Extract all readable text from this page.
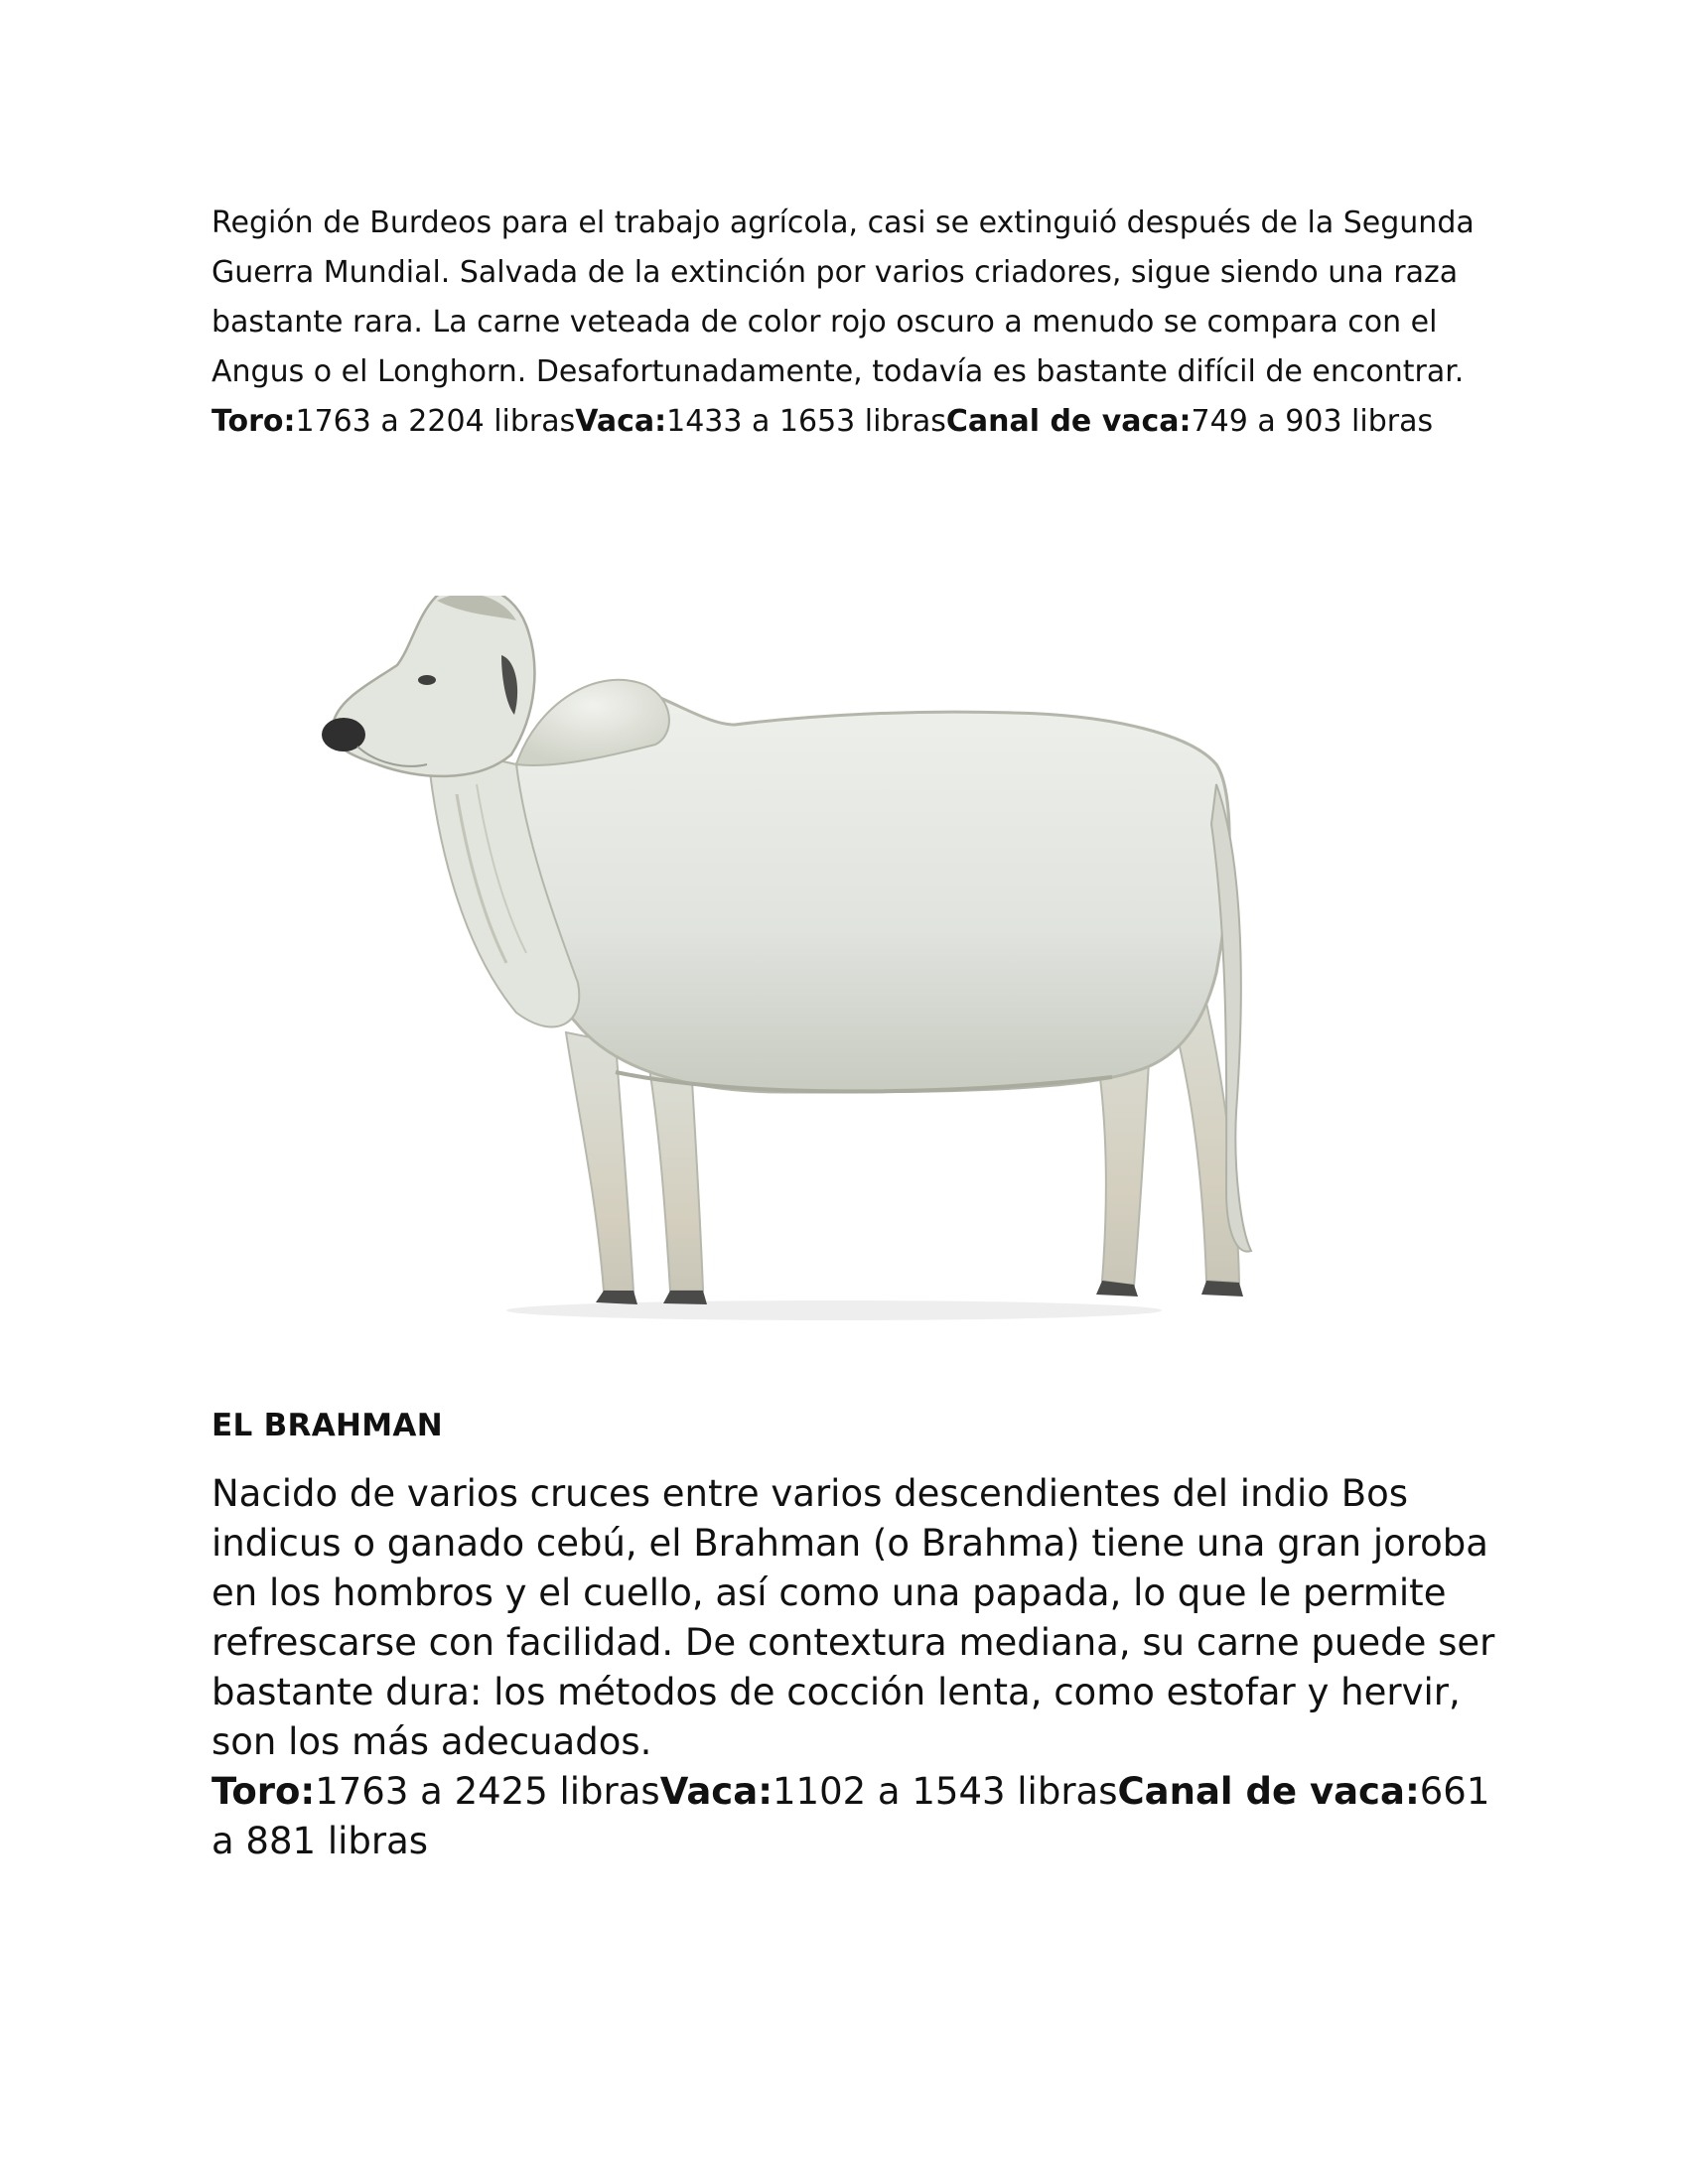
Región de Burdeos para el trabajo agrícola, casi se extinguió después de la Segunda Guerra Mundial. Salvada de la extinción por varios criadores, sigue siendo una raza bastante rara. La carne veteada de color rojo oscuro a menudo se compara con el Angus o el Longhorn. Desafortunadamente, todavía es bastante difícil de encontrar.
Toro:1763 a 2204 librasVaca:1433 a 1653 librasCanal de vaca:749 a 903 libras

EL BRAHMAN

Nacido de varios cruces entre varios descendientes del indio Bos indicus o ganado cebú, el Brahman (o Brahma) tiene una gran joroba en los hombros y el cuello, así como una papada, lo que le permite refrescarse con facilidad. De contextura mediana, su carne puede ser bastante dura: los métodos de cocción lenta, como estofar y hervir, son los más adecuados.
Toro:1763 a 2425 librasVaca:1102 a 1543 librasCanal de vaca:661 a 881 libras
